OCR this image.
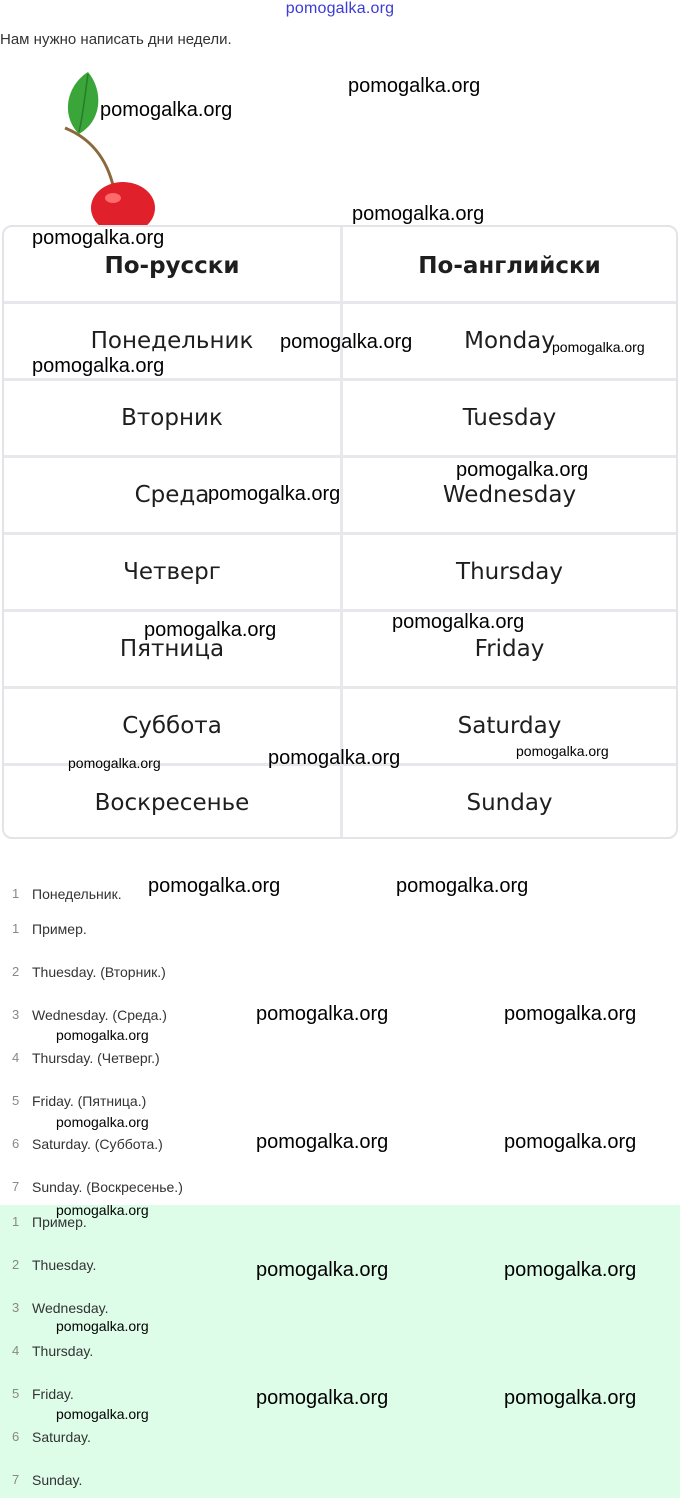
pomogalka.org
Нам нужно написать дни недели.
По-русски	По-английски
Понедельник	Monday
Вторник	Tuesday
Среда	Wednesday
Четверг	Thursday
Пятница	Friday
Суббота	Saturday
Воскресенье	Sunday
1 Понедельник.
1 Пример.
2 Thuesday. (Вторник.)
3 Wednesday. (Среда.)
4 Thursday. (Четверг.)
5 Friday. (Пятница.)
6 Saturday. (Суббота.)
7 Sunday. (Воскресенье.)
1 Пример.
2 Thuesday.
3 Wednesday.
4 Thursday.
5 Friday.
6 Saturday.
7 Sunday.
pomogalka.org
pomogalka.org
pomogalka.org
pomogalka.org
pomogalka.org	pomogalka.org
pomogalka.org
pomogalka.org
pomogalka.org
pomogalka.org
pomogalka.org
pomogalka.org
pomogalka.org
pomogalka.org
pomogalka.org	pomogalka.org
pomogalka.org	pomogalka.org
pomogalka.org
pomogalka.org
pomogalka.org	pomogalka.org
pomogalka.org
pomogalka.org	pomogalka.org
pomogalka.org
pomogalka.org	pomogalka.org
pomogalka.org
